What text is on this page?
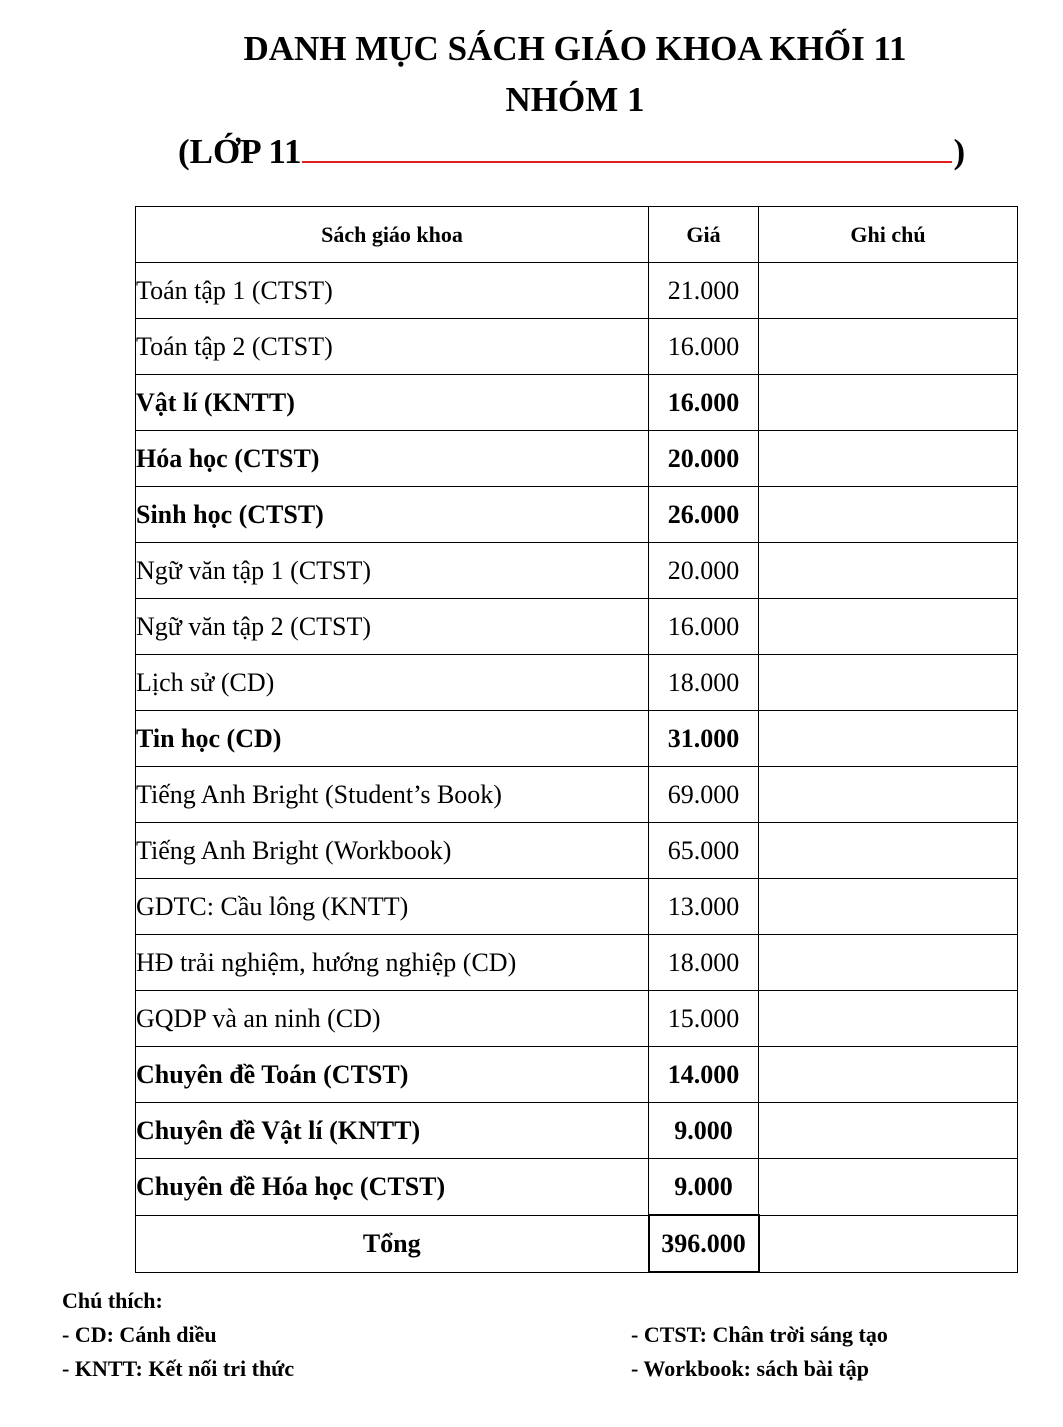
DANH MỤC SÁCH GIÁO KHOA KHỐI 11
NHÓM 1
(LỚP 11	)
Sách giáo khoa	Giá	Ghi chú
Toán tập 1 (CTST)	21.000	
Toán tập 2 (CTST)	16.000	
Vật lí (KNTT)	16.000	
Hóa học (CTST)	20.000	
Sinh học (CTST)	26.000	
Ngữ văn tập 1 (CTST)	20.000	
Ngữ văn tập 2 (CTST)	16.000	
Lịch sử (CD)	18.000	
Tin học (CD)	31.000	
Tiếng Anh Bright (Student’s Book)	69.000	
Tiếng Anh Bright (Workbook)	65.000	
GDTC: Cầu lông (KNTT)	13.000	
HĐ trải nghiệm, hướng nghiệp (CD)	18.000	
GQDP và an ninh (CD)	15.000	
Chuyên đề Toán (CTST)	14.000	
Chuyên đề Vật lí (KNTT)	9.000	
Chuyên đề Hóa học (CTST)	9.000	
Tổng	396.000	
Chú thích:
- CD: Cánh diều
- KNTT: Kết nối tri thức
- CTST: Chân trời sáng tạo
- Workbook: sách bài tập
